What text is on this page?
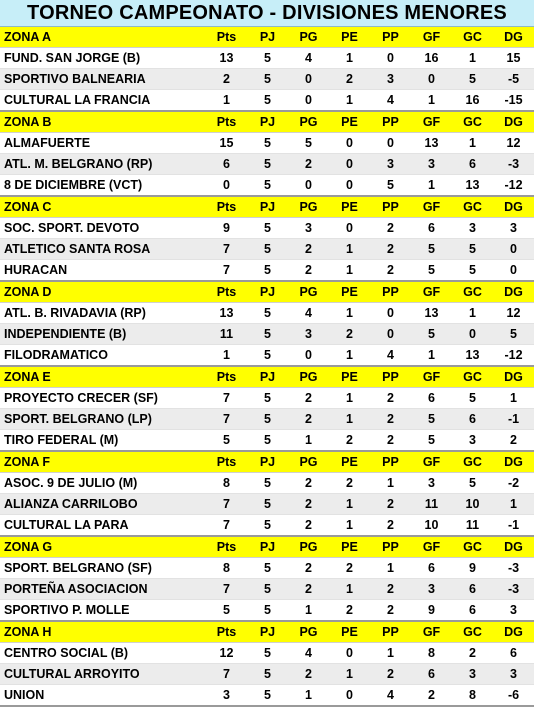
TORNEO CAMPEONATO - DIVISIONES MENORES
ZONA A	Pts	PJ	PG	PE	PP	GF	GC	DG
FUND. SAN JORGE (B)	13	5	4	1	0	16	1	15
SPORTIVO BALNEARIA	2	5	0	2	3	0	5	-5
CULTURAL LA FRANCIA	1	5	0	1	4	1	16	-15
ZONA B	Pts	PJ	PG	PE	PP	GF	GC	DG
ALMAFUERTE	15	5	5	0	0	13	1	12
ATL. M. BELGRANO (RP)	6	5	2	0	3	3	6	-3
8 DE DICIEMBRE (VCT)	0	5	0	0	5	1	13	-12
ZONA C	Pts	PJ	PG	PE	PP	GF	GC	DG
SOC. SPORT. DEVOTO	9	5	3	0	2	6	3	3
ATLETICO SANTA ROSA	7	5	2	1	2	5	5	0
HURACAN	7	5	2	1	2	5	5	0
ZONA D	Pts	PJ	PG	PE	PP	GF	GC	DG
ATL. B. RIVADAVIA (RP)	13	5	4	1	0	13	1	12
INDEPENDIENTE (B)	11	5	3	2	0	5	0	5
FILODRAMATICO	1	5	0	1	4	1	13	-12
ZONA E	Pts	PJ	PG	PE	PP	GF	GC	DG
PROYECTO CRECER (SF)	7	5	2	1	2	6	5	1
SPORT. BELGRANO (LP)	7	5	2	1	2	5	6	-1
TIRO FEDERAL (M)	5	5	1	2	2	5	3	2
ZONA F	Pts	PJ	PG	PE	PP	GF	GC	DG
ASOC. 9 DE JULIO (M)	8	5	2	2	1	3	5	-2
ALIANZA CARRILOBO	7	5	2	1	2	11	10	1
CULTURAL LA PARA	7	5	2	1	2	10	11	-1
ZONA G	Pts	PJ	PG	PE	PP	GF	GC	DG
SPORT. BELGRANO (SF)	8	5	2	2	1	6	9	-3
PORTEÑA ASOCIACION	7	5	2	1	2	3	6	-3
SPORTIVO P. MOLLE	5	5	1	2	2	9	6	3
ZONA H	Pts	PJ	PG	PE	PP	GF	GC	DG
CENTRO SOCIAL (B)	12	5	4	0	1	8	2	6
CULTURAL ARROYITO	7	5	2	1	2	6	3	3
UNION	3	5	1	0	4	2	8	-6
